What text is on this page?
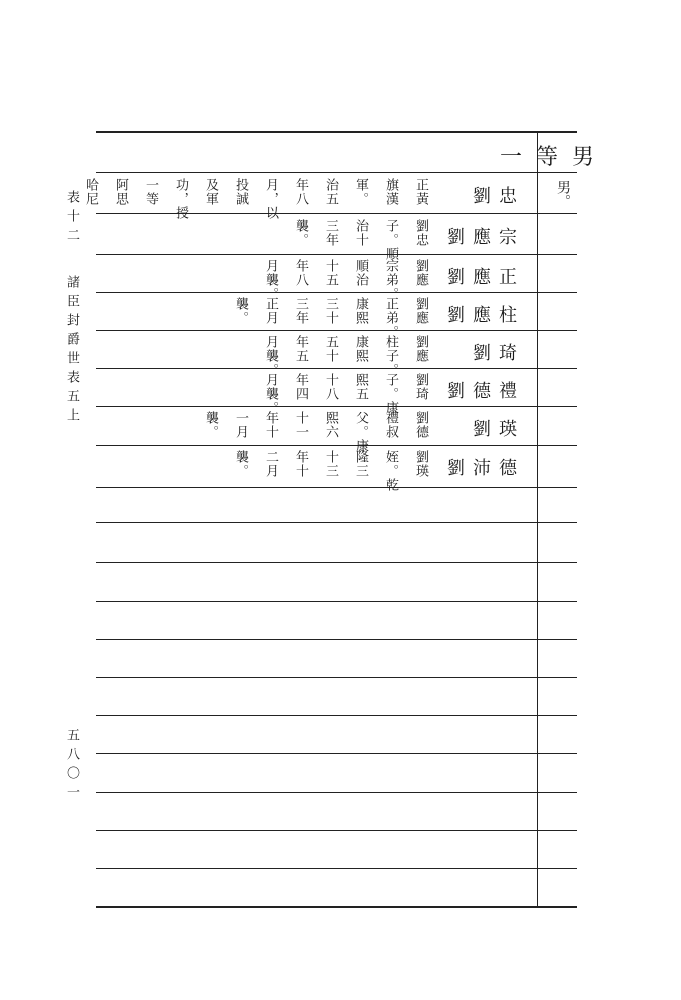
表十二
諸臣封爵世表五上
五八〇一
一等男
男。
劉忠
正黃
旗漢
軍。
治五
年八
月，以
投誠
及軍
功，授
一等
阿思
哈尼
劉應宗
劉忠
子。順
治十
三年
襲。
劉應正
劉應
宗弟。
順治
十五
年八
月襲。
劉應柱
劉應
正弟。
康熙
三十
三年
正月
襲。
劉琦
劉應
柱子。
康熙
五十
年五
月襲。
劉德禮
劉琦
子。康
熙五
十八
年四
月襲。
劉瑛
劉德
禮叔
父。康
熙六
十一
年十
一月
襲。
劉沛德
劉瑛
姪。乾
隆三
十三
年十
二月
襲。
